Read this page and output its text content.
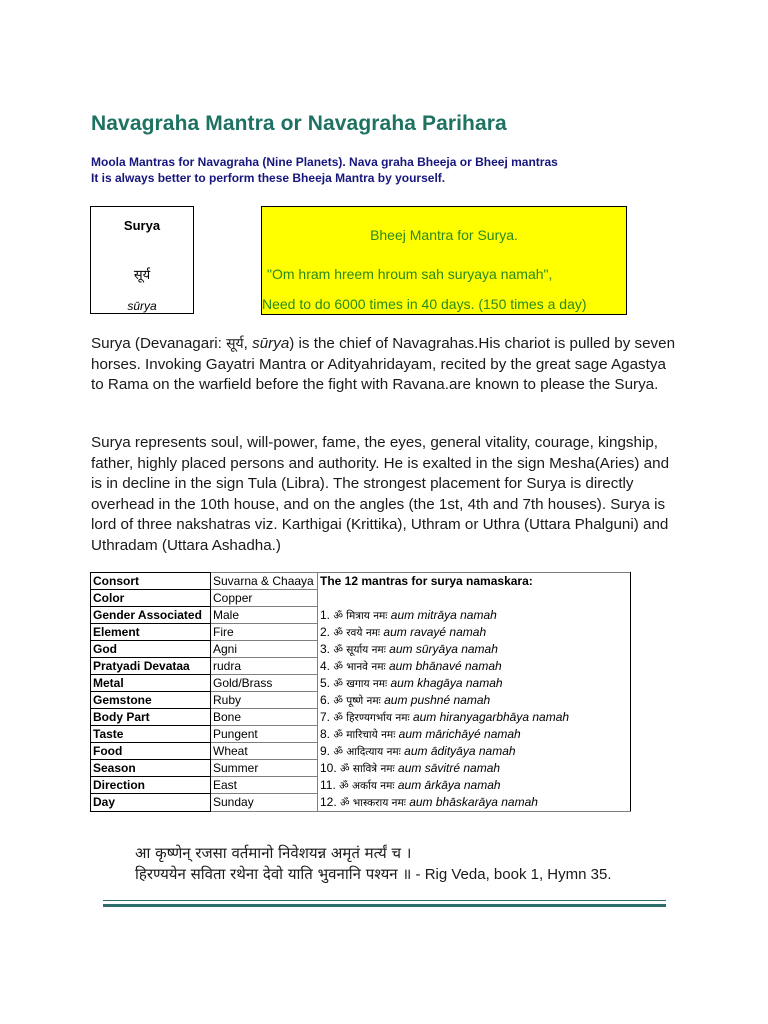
Navagraha Mantra or Navagraha Parihara
Moola Mantras for Navagraha (Nine Planets). Nava graha Bheeja or Bheej mantras
It is always better to perform these Bheeja Mantra by yourself.
Surya
सूर्य
sūrya
Bheej Mantra for Surya.
"Om hram hreem hroum sah suryaya namah",
Need to do 6000 times in 40 days. (150 times a day)
Surya (Devanagari: सूर्य, sūrya) is the chief of Navagrahas.His chariot is pulled by seven horses. Invoking Gayatri Mantra or Adityahridayam, recited by the great sage Agastya to Rama on the warfield before the fight with Ravana.are known to please the Surya.
Surya represents soul, will-power, fame, the eyes, general vitality, courage, kingship, father, highly placed persons and authority. He is exalted in the sign Mesha(Aries) and is in decline in the sign Tula (Libra). The strongest placement for Surya is directly overhead in the 10th house, and on the angles (the 1st, 4th and 7th houses). Surya is lord of three nakshatras viz. Karthigai (Krittika), Uthram or Uthra (Uttara Phalguni) and Uthradam (Uttara Ashadha.)
Consort	Suvarna & Chaaya	The 12 mantras for surya namaskara:
Color	Copper	
Gender Associated	Male	1. ॐ मित्राय नमः aum mitrāya namah
Element	Fire	2. ॐ रवये नमः aum ravayé namah
God	Agni	3. ॐ सूर्याय नमः aum sūryāya namah
Pratyadi Devataa	rudra	4. ॐ भानवे नमः aum bhānavé namah
Metal	Gold/Brass	5. ॐ खगाय नमः aum khagāya namah
Gemstone	Ruby	6. ॐ पूष्णे नमः aum pushné namah
Body Part	Bone	7. ॐ हिरण्यगर्भाय नमः aum hiranyagarbhāya namah
Taste	Pungent	8. ॐ मारिचाये नमः aum mārichāyé namah
Food	Wheat	9. ॐ आदित्याय नमः aum ādityāya namah
Season	Summer	10. ॐ सावित्रे नमः aum sāvitré namah
Direction	East	11. ॐ अर्काय नमः aum ārkāya namah
Day	Sunday	12. ॐ भास्कराय नमः aum bhāskarāya namah
आ कृष्णेन् रजसा वर्तमानो निवेशयन्न अमृतं मर्त्यं च ।
हिरण्ययेन सविता रथेना देवो याति भुवनानि पश्यन ॥ - Rig Veda, book 1, Hymn 35.
